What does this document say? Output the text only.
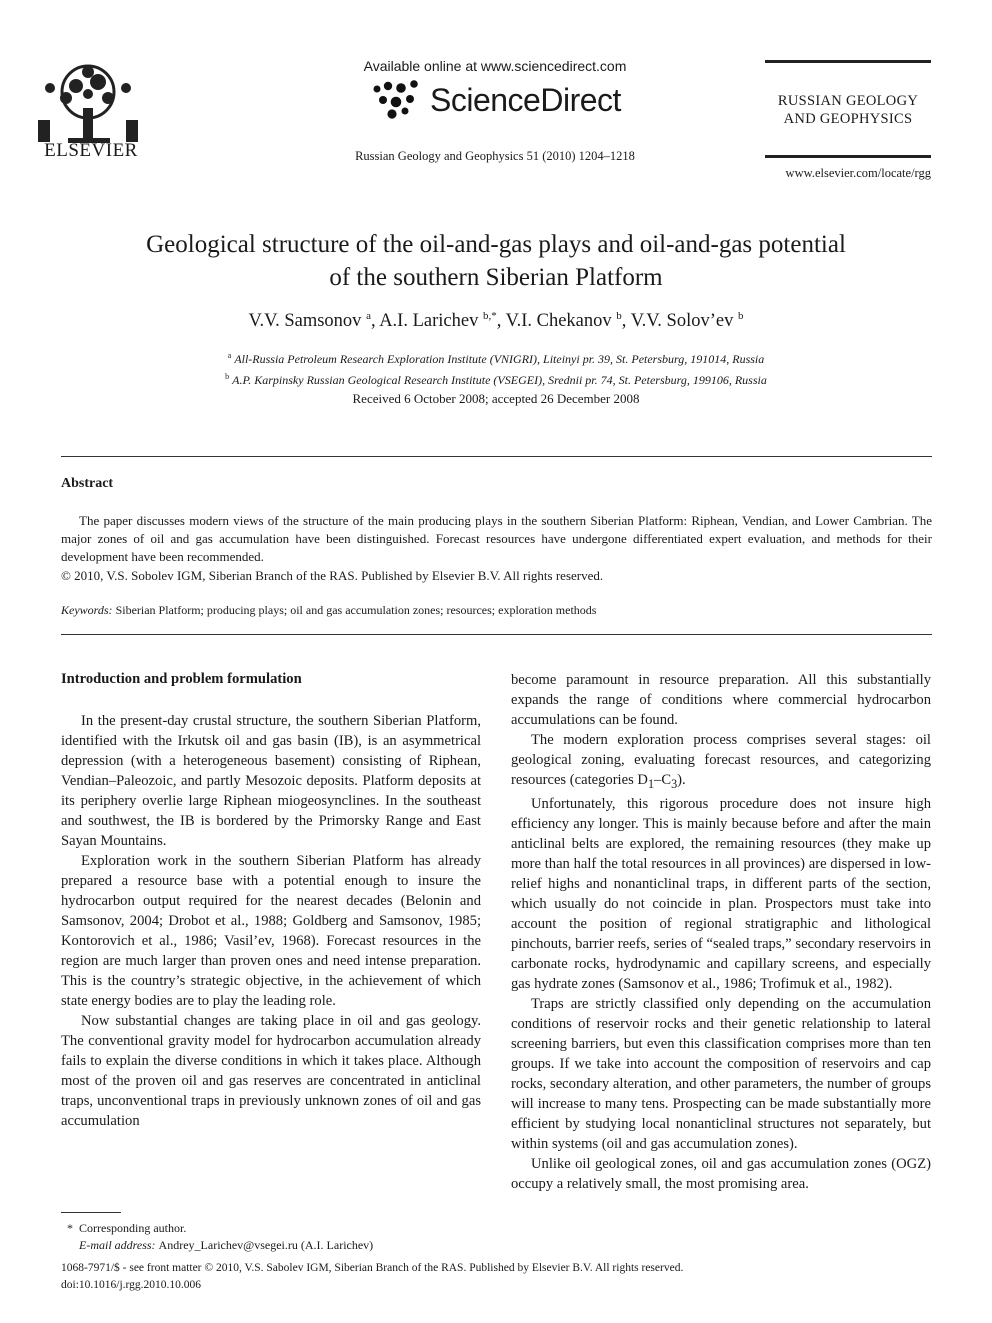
ELSEVIER
Available online at www.sciencedirect.com
ScienceDirect
Russian Geology and Geophysics 51 (2010) 1204–1218
RUSSIAN GEOLOGY
AND GEOPHYSICS
www.elsevier.com/locate/rgg
Geological structure of the oil-and-gas plays and oil-and-gas potential
of the southern Siberian Platform
V.V. Samsonov $^a$, A.I. Larichev $^{b,*}$, V.I. Chekanov $^b$, V.V. Solov’ev $^b$
$^a$ All-Russia Petroleum Research Exploration Institute (VNIGRI), Liteinyi pr. 39, St. Petersburg, 191014, Russia
$^b$ A.P. Karpinsky Russian Geological Research Institute (VSEGEI), Srednii pr. 74, St. Petersburg, 199106, Russia
Received 6 October 2008; accepted 26 December 2008
Abstract

The paper discusses modern views of the structure of the main producing plays in the southern Siberian Platform: Riphean, Vendian, and Lower Cambrian. The major zones of oil and gas accumulation have been distinguished. Forecast resources have undergone differentiated expert evaluation, and methods for their development have been recommended.

© 2010, V.S. Sobolev IGM, Siberian Branch of the RAS. Published by Elsevier B.V. All rights reserved.

Keywords: Siberian Platform; producing plays; oil and gas accumulation zones; resources; exploration methods
Introduction and problem formulation

In the present-day crustal structure, the southern Siberian Platform, identified with the Irkutsk oil and gas basin (IB), is an asymmetrical depression (with a heterogeneous basement) consisting of Riphean, Vendian–Paleozoic, and partly Mesozoic deposits. Platform deposits at its periphery overlie large Riphean miogeosynclines. In the southeast and southwest, the IB is bordered by the Primorsky Range and East Sayan Mountains.

Exploration work in the southern Siberian Platform has already prepared a resource base with a potential enough to insure the hydrocarbon output required for the nearest decades (Belonin and Samsonov, 2004; Drobot et al., 1988; Goldberg and Samsonov, 1985; Kontorovich et al., 1986; Vasil’ev, 1968). Forecast resources in the region are much larger than proven ones and need intense preparation. This is the country’s strategic objective, in the achievement of which state energy bodies are to play the leading role.

Now substantial changes are taking place in oil and gas geology. The conventional gravity model for hydrocarbon accumulation already fails to explain the diverse conditions in which it takes place. Although most of the proven oil and gas reserves are concentrated in anticlinal traps, unconventional traps in previously unknown zones of oil and gas accumulation

become paramount in resource preparation. All this substantially expands the range of conditions where commercial hydrocarbon accumulations can be found.

The modern exploration process comprises several stages: oil geological zoning, evaluating forecast resources, and categorizing resources (categories $D_1-C_3$).

Unfortunately, this rigorous procedure does not insure high efficiency any longer. This is mainly because before and after the main anticlinal belts are explored, the remaining resources (they make up more than half the total resources in all provinces) are dispersed in low-relief highs and nonanticlinal traps, in different parts of the section, which usually do not coincide in plan. Prospectors must take into account the position of regional stratigraphic and lithological pinchouts, barrier reefs, series of “sealed traps,” secondary reservoirs in carbonate rocks, hydrodynamic and capillary screens, and especially gas hydrate zones (Samsonov et al., 1986; Trofimuk et al., 1982).

Traps are strictly classified only depending on the accumulation conditions of reservoir rocks and their genetic relationship to lateral screening barriers, but even this classification comprises more than ten groups. If we take into account the composition of reservoirs and cap rocks, secondary alteration, and other parameters, the number of groups will increase to many tens. Prospecting can be made substantially more efficient by studying local nonanticlinal structures not separately, but within systems (oil and gas accumulation zones).

Unlike oil geological zones, oil and gas accumulation zones (OGZ) occupy a relatively small, the most promising area.

* Corresponding author.
E-mail address: Andrey_Larichev@vsegei.ru (A.I. Larichev)
1068-7971/$ - see front matter © 2010, V.S. Sabolev IGM, Siberian Branch of the RAS. Published by Elsevier B.V. All rights reserved.
doi:10.1016/j.rgg.2010.10.006
